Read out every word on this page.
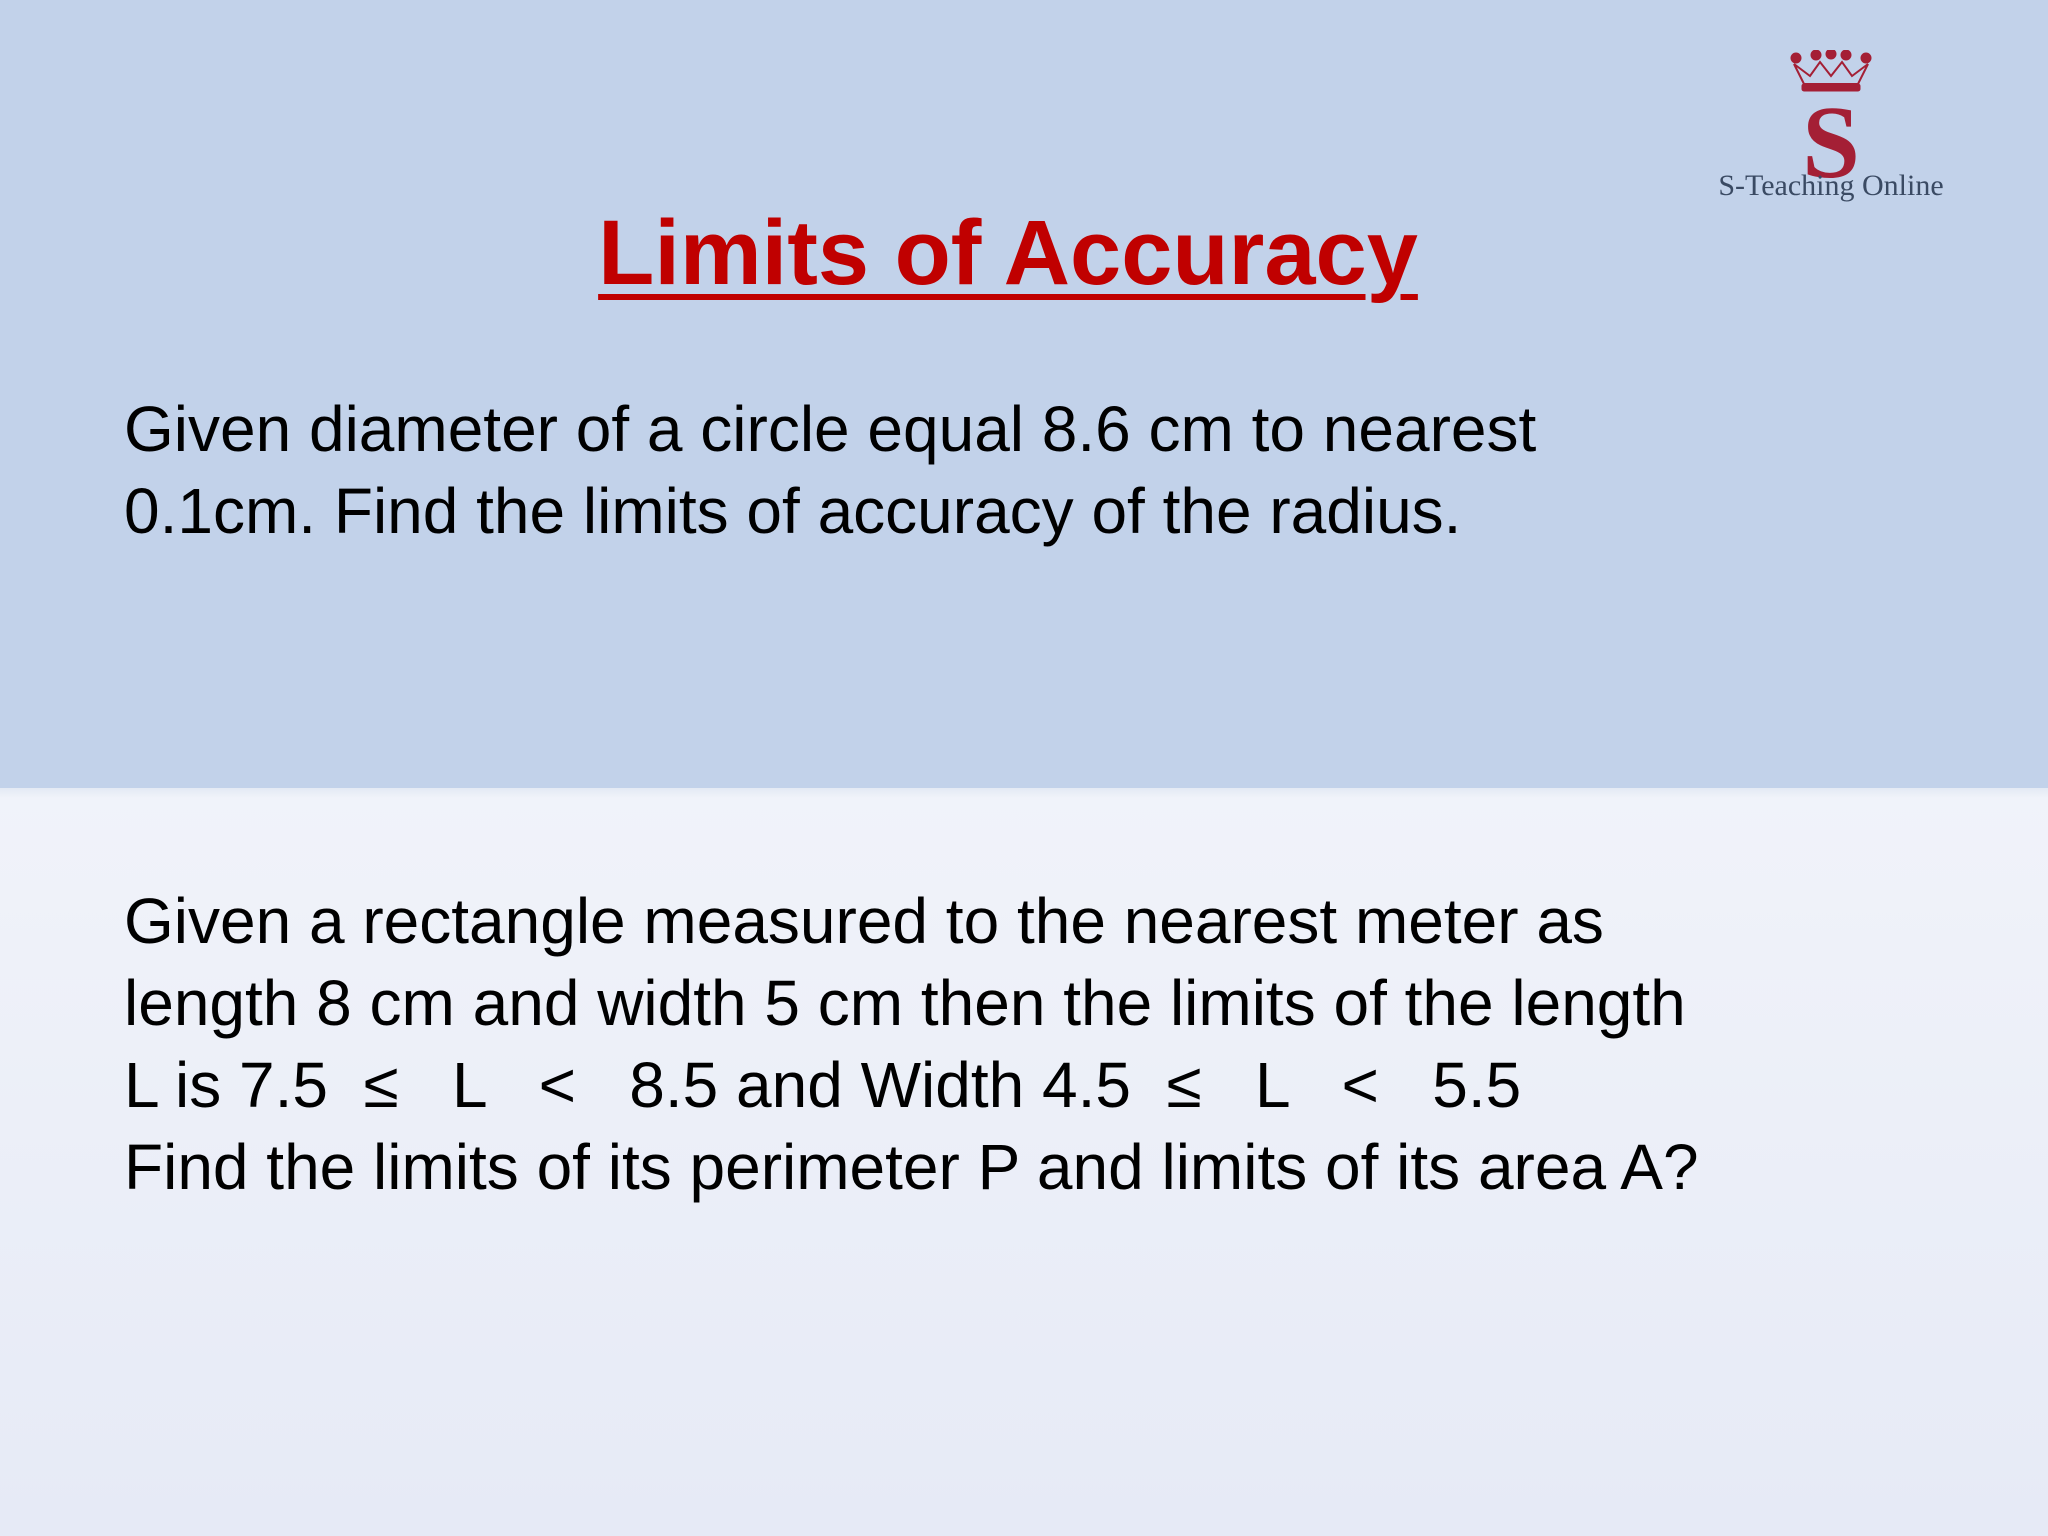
S
S-Teaching Online
Limits of Accuracy

Given diameter of a circle equal 8.6 cm to nearest
0.1cm. Find the limits of accuracy of the radius.

Given a rectangle measured to the nearest meter as
length 8 cm and width 5 cm then the limits of the length
L is 7.5  ≤   L   <   8.5 and Width 4.5  ≤   L   <   5.5
Find the limits of its perimeter P and limits of its area A?
